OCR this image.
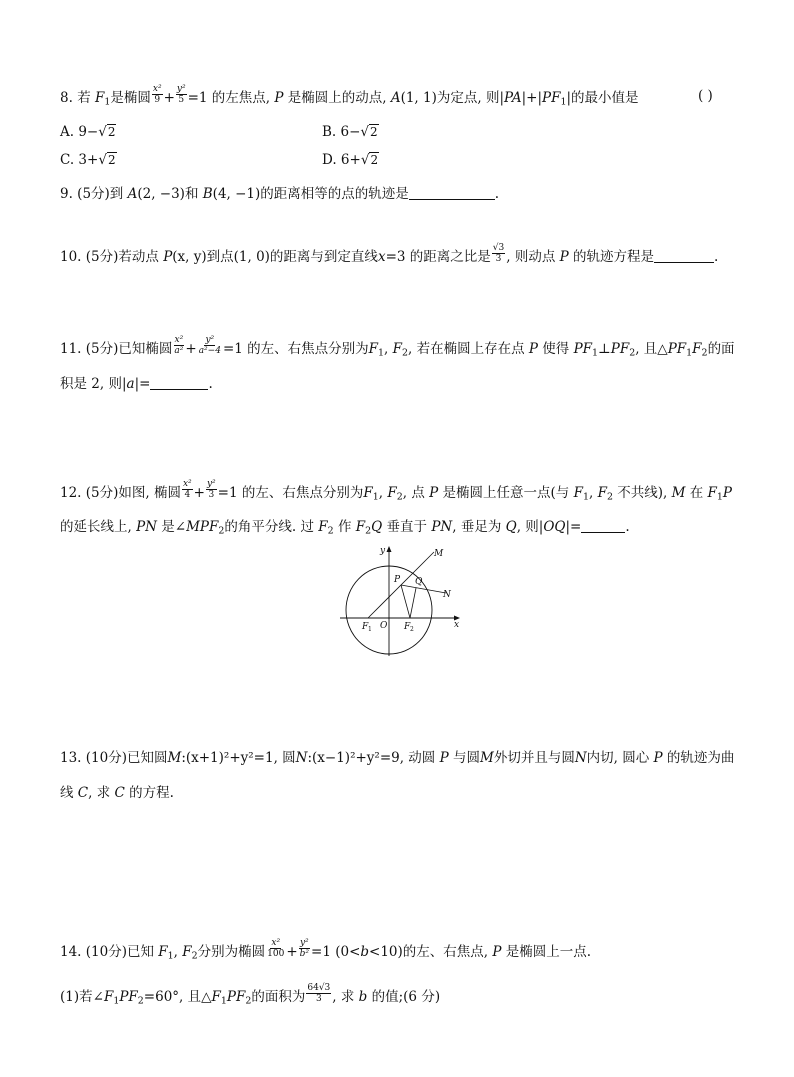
8. 若 $F_1$是椭圆 $\frac{\text{x²}}{9} + \frac{\text{y²}}{5} =1$ 的左焦点, P 是椭圆上的动点, A(1, 1)为定点, 则$|PA|+|PF_1|$的最小值是	( )
A. 9−√2	B. 6−√2
C. 3+√2	D. 6+√2
9. (5分)到 A(2, −3)和 B(4, −1)的距离相等的点的轨迹是	.
10. (5分)若动点 P(x, y)到点(1, 0)的距离与到定直线x=3 的距离之比是 $\frac{√3}{3}$ , 则动点 P 的轨迹方程是	.
11. (5分)已知椭圆 $\frac{\text{x²}}{\text{a²}} + \frac{\text{y²}}{\text{a²−4}} =1$ 的左、右焦点分别为$F_1$, $F_2$, 若在椭圆上存在点 P 使得 $PF_1\perp PF_2$, 且$\triangle PF_1F_2$的面
积是 2, 则|a|=	.
12. (5分)如图, 椭圆 $\frac{\text{x²}}{4} + \frac{\text{y²}}{3} =1$ 的左、右焦点分别为$F_1$, $F_2$, 点 P 是椭圆上任意一点(与 $F_1$, $F_2$ 不共线), M 在 $F_1P$
的延长线上, PN 是$\angle MPF_2$的角平分线. 过 $F_2$ 作 $F_2Q$ 垂直于 PN, 垂足为 Q, 则|OQ|=	.
y
x
M
P Q
N
O
F 1	F 2
13. (10分)已知圆M:(x+1)²+y²=1, 圆N:(x−1)²+y²=9, 动圆 P 与圆M外切并且与圆N内切, 圆心 P 的轨迹为曲
线 C, 求 C 的方程.
14. (10分)已知 $F_1$, $F_2$分别为椭圆 $\frac{\text{x²}}{100} + \frac{\text{y²}}{\text{b²}} =1$ (0<b<10)的左、右焦点, P 是椭圆上一点.
(1)若$\angle F_1PF_2=60^\circ$, 且$\triangle F_1PF_2$的面积为 $\frac{64√3}{3}$ , 求 b 的值;(6 分)
